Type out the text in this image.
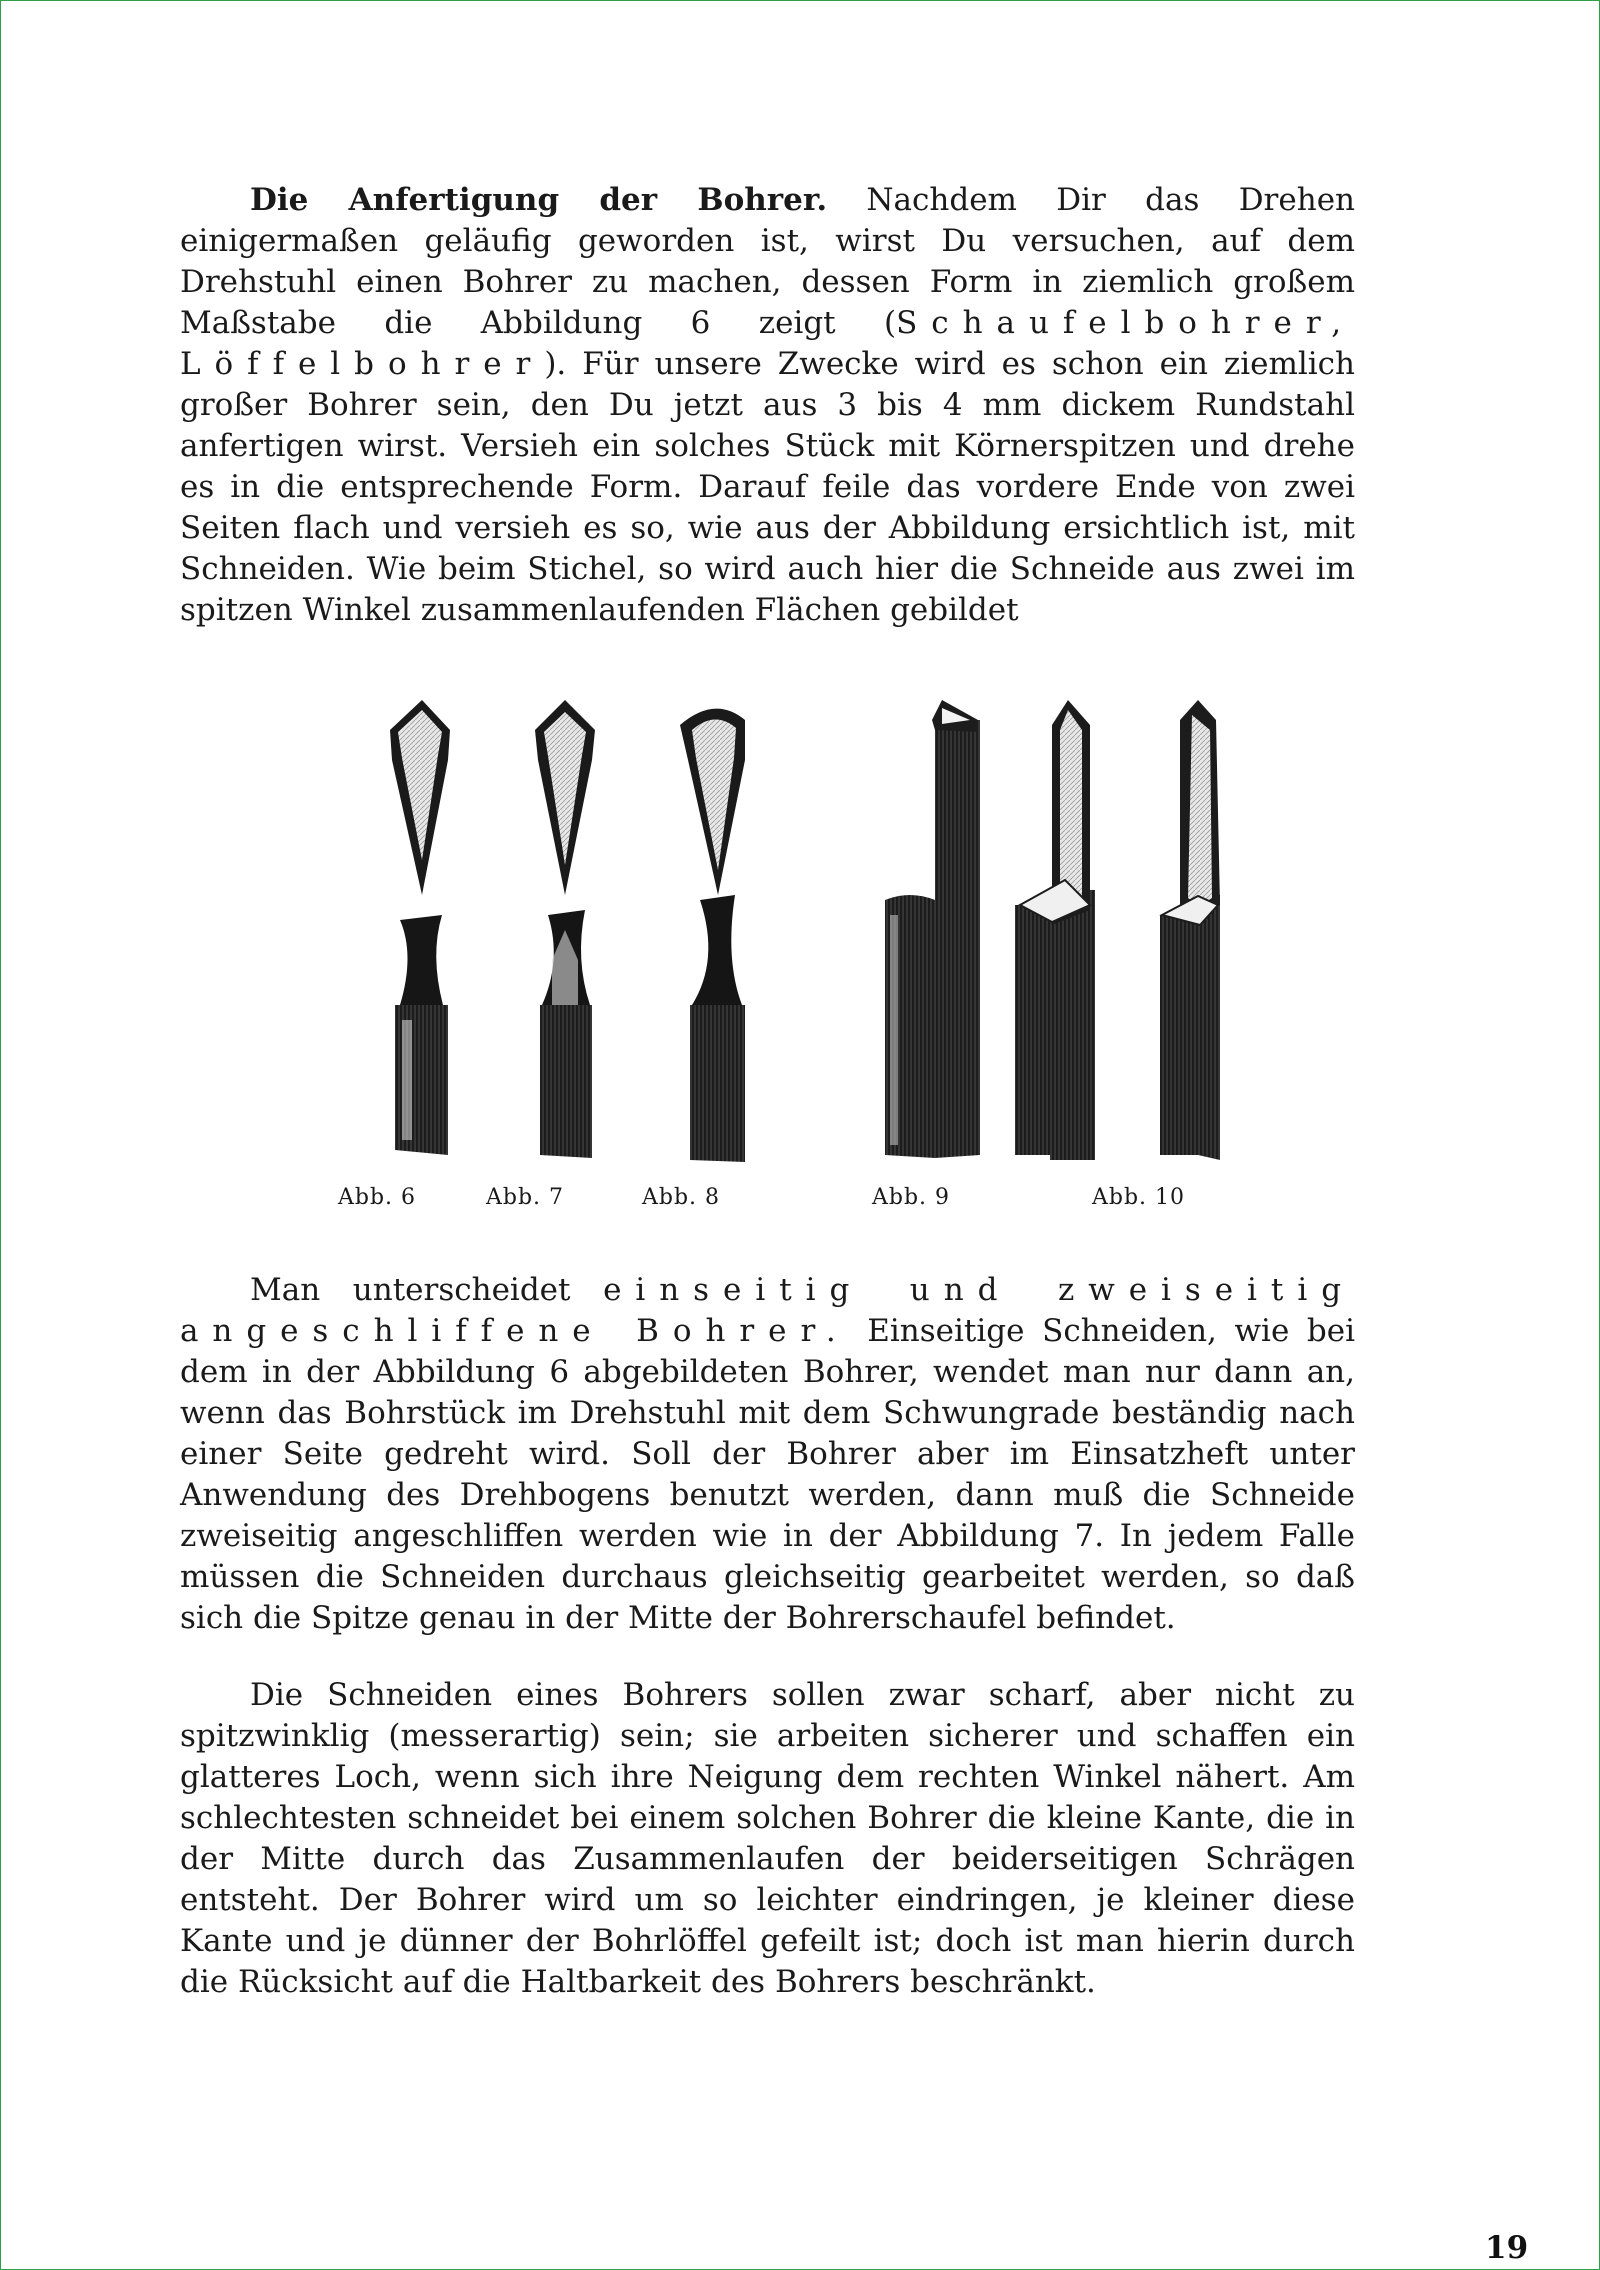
Die Anfertigung der Bohrer. Nachdem Dir das Drehen einigermaßen geläufig geworden ist, wirst Du versuchen, auf dem Drehstuhl einen Bohrer zu machen, dessen Form in ziemlich großem Maßstabe die Abbildung 6 zeigt (Schaufelbohrer, Löffelbohrer). Für unsere Zwecke wird es schon ein ziemlich großer Bohrer sein, den Du jetzt aus 3 bis 4 mm dickem Rundstahl anfertigen wirst. Versieh ein solches Stück mit Körnerspitzen und drehe es in die entsprechende Form. Darauf feile das vordere Ende von zwei Seiten flach und versieh es so, wie aus der Abbildung ersichtlich ist, mit Schneiden. Wie beim Stichel, so wird auch hier die Schneide aus zwei im spitzen Winkel zusammenlaufenden Flächen gebildet

Abb. 6	Abb. 7	Abb. 8	Abb. 9	Abb. 10

Man unterscheidet einseitig und zweiseitig angeschliffene Bohrer. Einseitige Schneiden, wie bei dem in der Abbildung 6 abgebildeten Bohrer, wendet man nur dann an, wenn das Bohrstück im Drehstuhl mit dem Schwungrade beständig nach einer Seite gedreht wird. Soll der Bohrer aber im Einsatzheft unter Anwendung des Drehbogens benutzt werden, dann muß die Schneide zweiseitig angeschliffen werden wie in der Abbildung 7. In jedem Falle müssen die Schneiden durchaus gleichseitig gearbeitet werden, so daß sich die Spitze genau in der Mitte der Bohrerschaufel befindet.

Die Schneiden eines Bohrers sollen zwar scharf, aber nicht zu spitzwinklig (messerartig) sein; sie arbeiten sicherer und schaffen ein glatteres Loch, wenn sich ihre Neigung dem rechten Winkel nähert. Am schlechtesten schneidet bei einem solchen Bohrer die kleine Kante, die in der Mitte durch das Zusammenlaufen der beiderseitigen Schrägen entsteht. Der Bohrer wird um so leichter eindringen, je kleiner diese Kante und je dünner der Bohrlöffel gefeilt ist; doch ist man hierin durch die Rücksicht auf die Haltbarkeit des Bohrers beschränkt.

19
